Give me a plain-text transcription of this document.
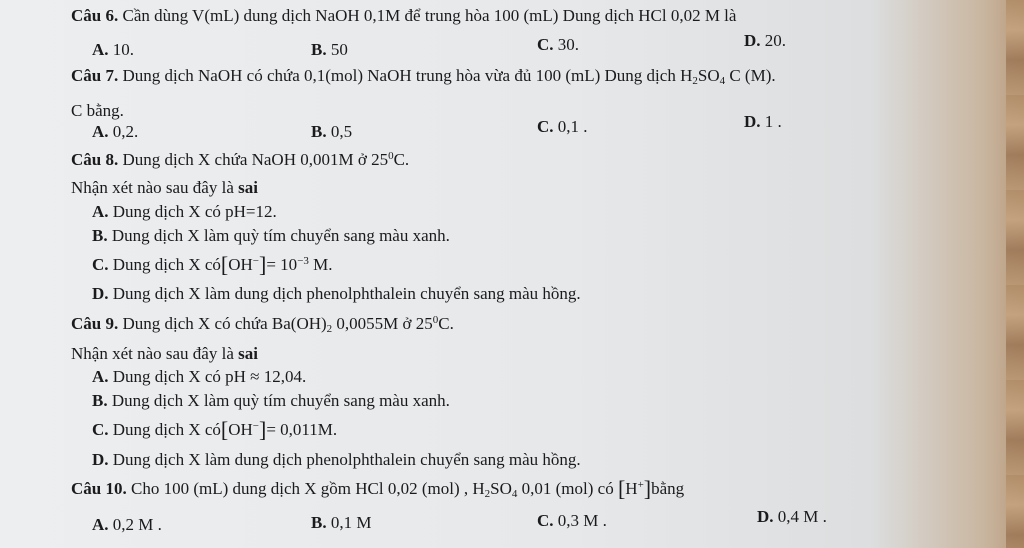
Câu 6. Cần dùng V(mL) dung dịch NaOH 0,1M để trung hòa 100 (mL) Dung dịch HCl 0,02 M là
A. 10.	B. 50	C. 30.	D. 20.
Câu 7. Dung dịch NaOH có chứa 0,1(mol) NaOH trung hòa vừa đủ 100 (mL) Dung dịch $H_2SO_4$ C (M).
C bằng.
A. 0,2.	B. 0,5	C. 0,1 .	D. 1 .
Câu 8. Dung dịch X chứa NaOH 0,001M ở $25^0C$.
Nhận xét nào sau đây là sai
A. Dung dịch X có pH=12.
B. Dung dịch X làm quỳ tím chuyển sang màu xanh.
C. Dung dịch X có[OH−]= $10^{-3}$ M.
D. Dung dịch X làm dung dịch phenolphthalein chuyển sang màu hồng.
Câu 9. Dung dịch X có chứa $Ba(OH)_2$ 0,0055M ở $25^0C$.
Nhận xét nào sau đây là sai
A. Dung dịch X có pH ≈ 12,04.
B. Dung dịch X làm quỳ tím chuyển sang màu xanh.
C. Dung dịch X có[OH−]= 0,011M.
D. Dung dịch X làm dung dịch phenolphthalein chuyển sang màu hồng.
Câu 10. Cho 100 (mL) dung dịch X gồm HCl 0,02 (mol) , $H_2SO_4$ 0,01 (mol) có [H+]bằng
A. 0,2 M .	B. 0,1 M	C. 0,3 M .	D. 0,4 M .
